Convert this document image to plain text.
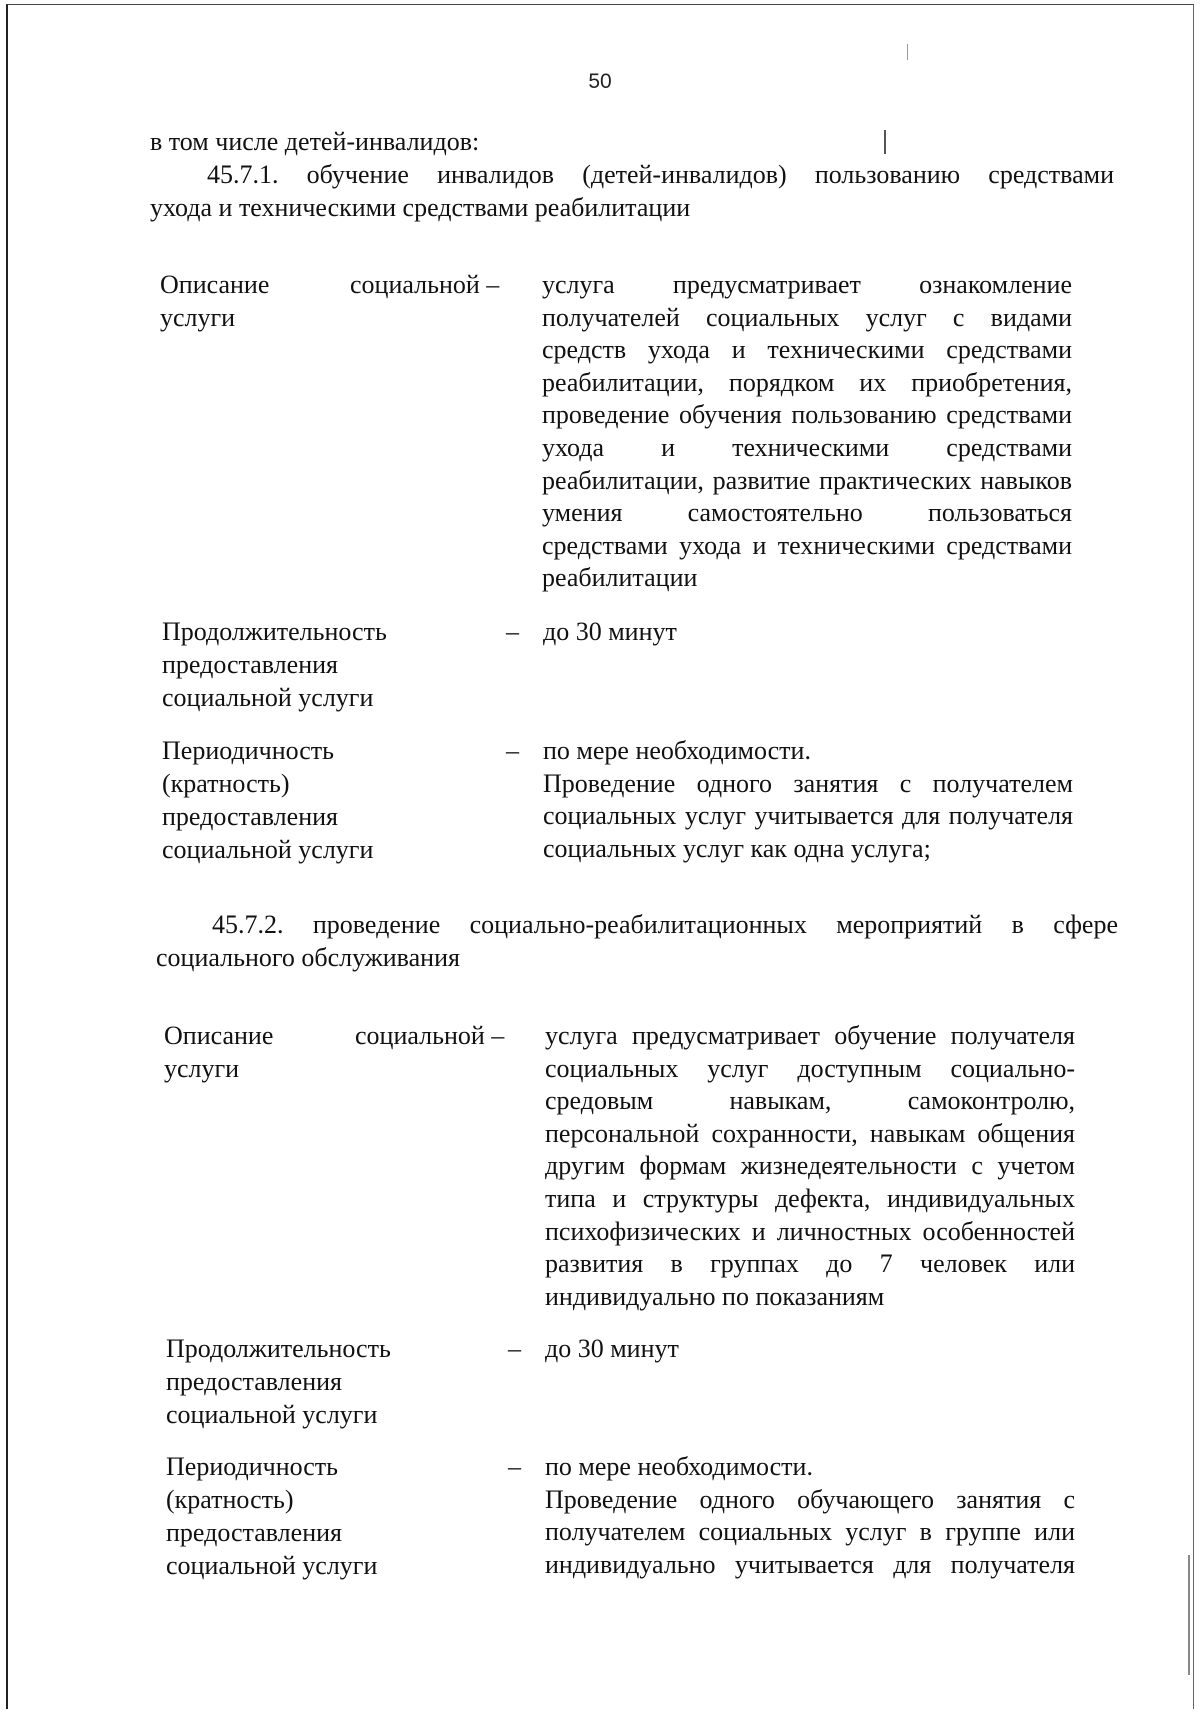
50
в том числе детей-инвалидов:
45.7.1. обучение инвалидов (детей-инвалидов) пользованию средствами
ухода и техническими средствами реабилитации
Описание	социальной –
услуги
услуга предусматривает ознакомление
получателей социальных услуг с видами
средств ухода и техническими средствами
реабилитации, порядком их приобретения,
проведение обучения пользованию средствами
ухода и техническими средствами
реабилитации, развитие практических навыков
умения самостоятельно пользоваться
средствами ухода и техническими средствами
реабилитации
Продолжительность
предоставления
социальной услуги
– до 30 минут
Периодичность
(кратность)
предоставления
социальной услуги
– по мере необходимости.
Проведение одного занятия с получателем
социальных услуг учитывается для получателя
социальных услуг как одна услуга;
45.7.2. проведение социально-реабилитационных мероприятий в сфере
социального обслуживания
Описание	социальной –
услуги
услуга предусматривает обучение получателя
социальных услуг доступным социально-
средовым навыкам, самоконтролю,
персональной сохранности, навыкам общения
другим формам жизнедеятельности с учетом
типа и структуры дефекта, индивидуальных
психофизических и личностных особенностей
развития в группах до 7 человек или
индивидуально по показаниям
Продолжительность
предоставления
социальной услуги
– до 30 минут
Периодичность
(кратность)
предоставления
социальной услуги
– по мере необходимости.
Проведение одного обучающего занятия с
получателем социальных услуг в группе или
индивидуально учитывается для получателя
